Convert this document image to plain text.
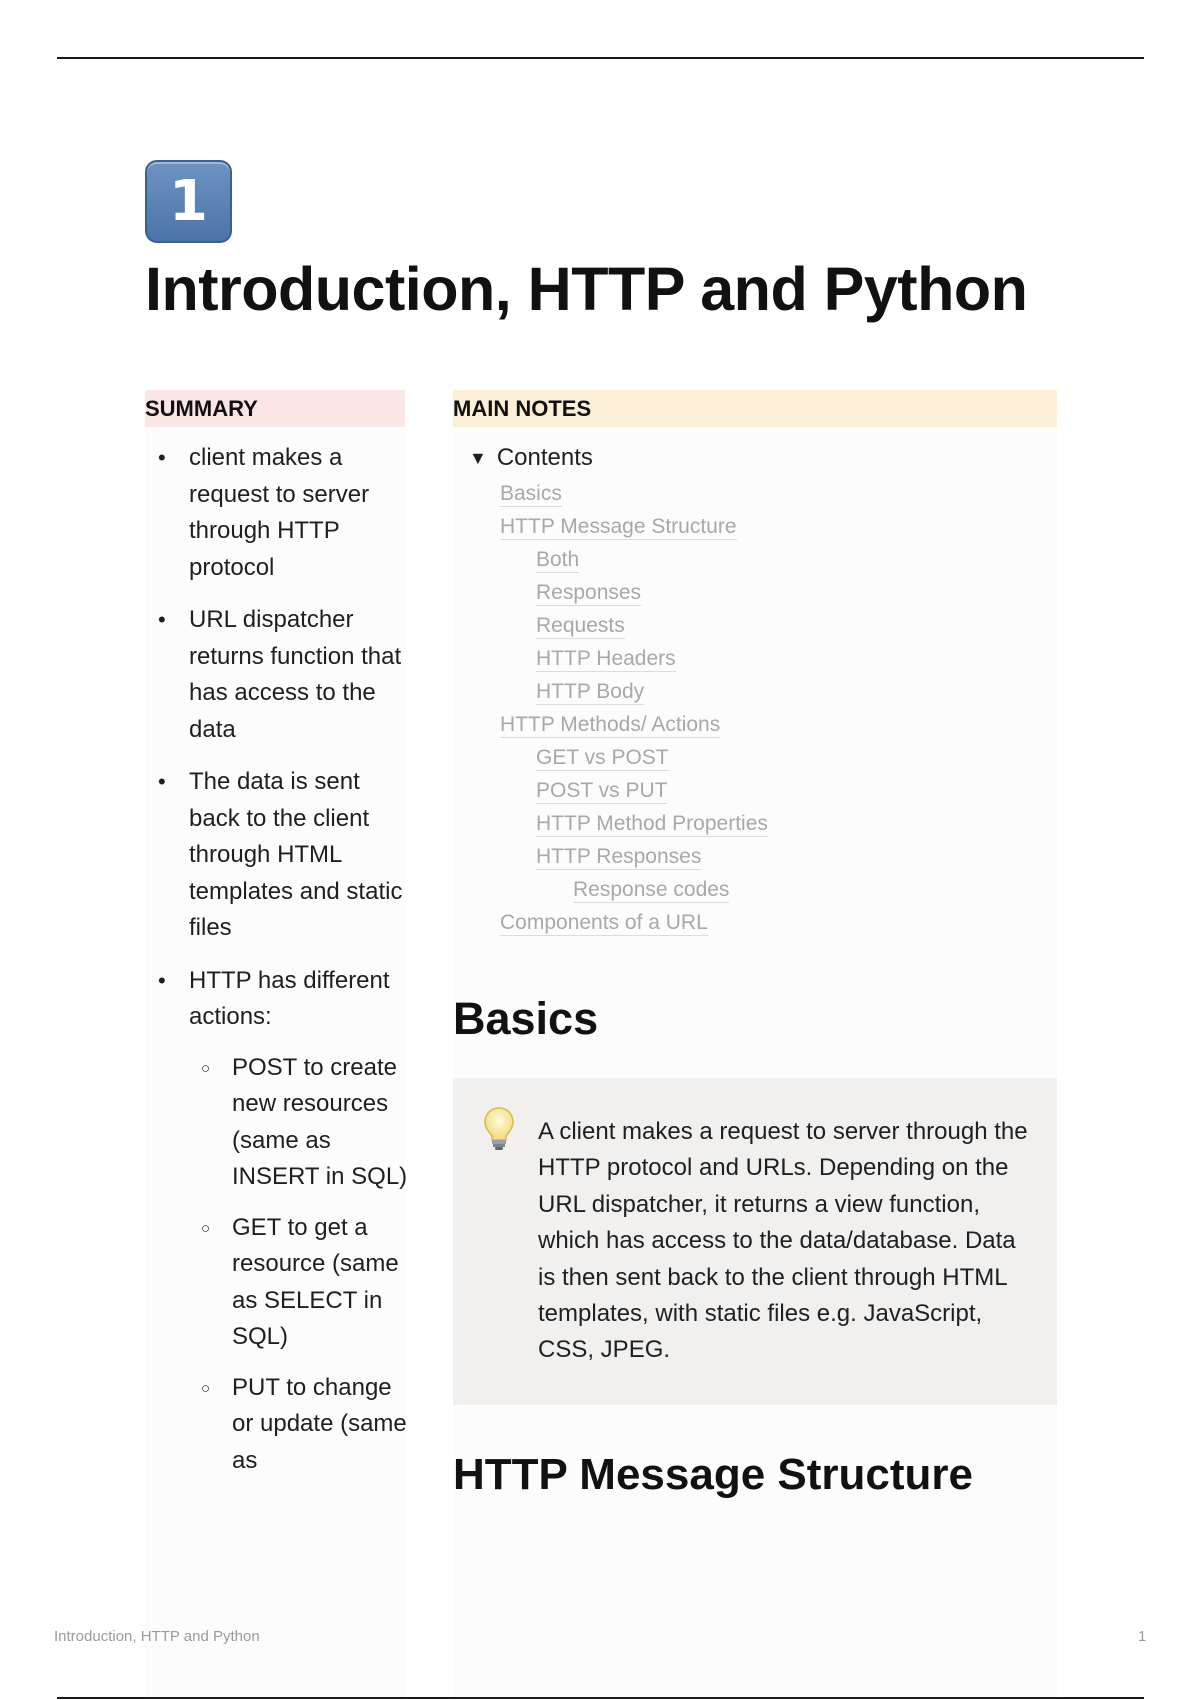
1
Introduction, HTTP and Python
SUMMARY	MAIN NOTES
• client makes a request to server through HTTP protocol
• URL dispatcher returns function that has access to the data
• The data is sent back to the client through HTML templates and static files
• HTTP has different actions:
○ POST to create new resources (same as INSERT in SQL)
○ GET to get a resource (same as SELECT in SQL)
○ PUT to change or update (same as
▼ Contents
Basics
HTTP Message Structure
Both
Responses
Requests
HTTP Headers
HTTP Body
HTTP Methods/ Actions
GET vs POST
POST vs PUT
HTTP Method Properties
HTTP Responses
Response codes
Components of a URL
Basics

A client makes a request to server through the HTTP protocol and URLs. Depending on the URL dispatcher, it returns a view function, which has access to the data/database. Data is then sent back to the client through HTML templates, with static files e.g. JavaScript, CSS, JPEG.

HTTP Message Structure
Introduction, HTTP and Python	1
